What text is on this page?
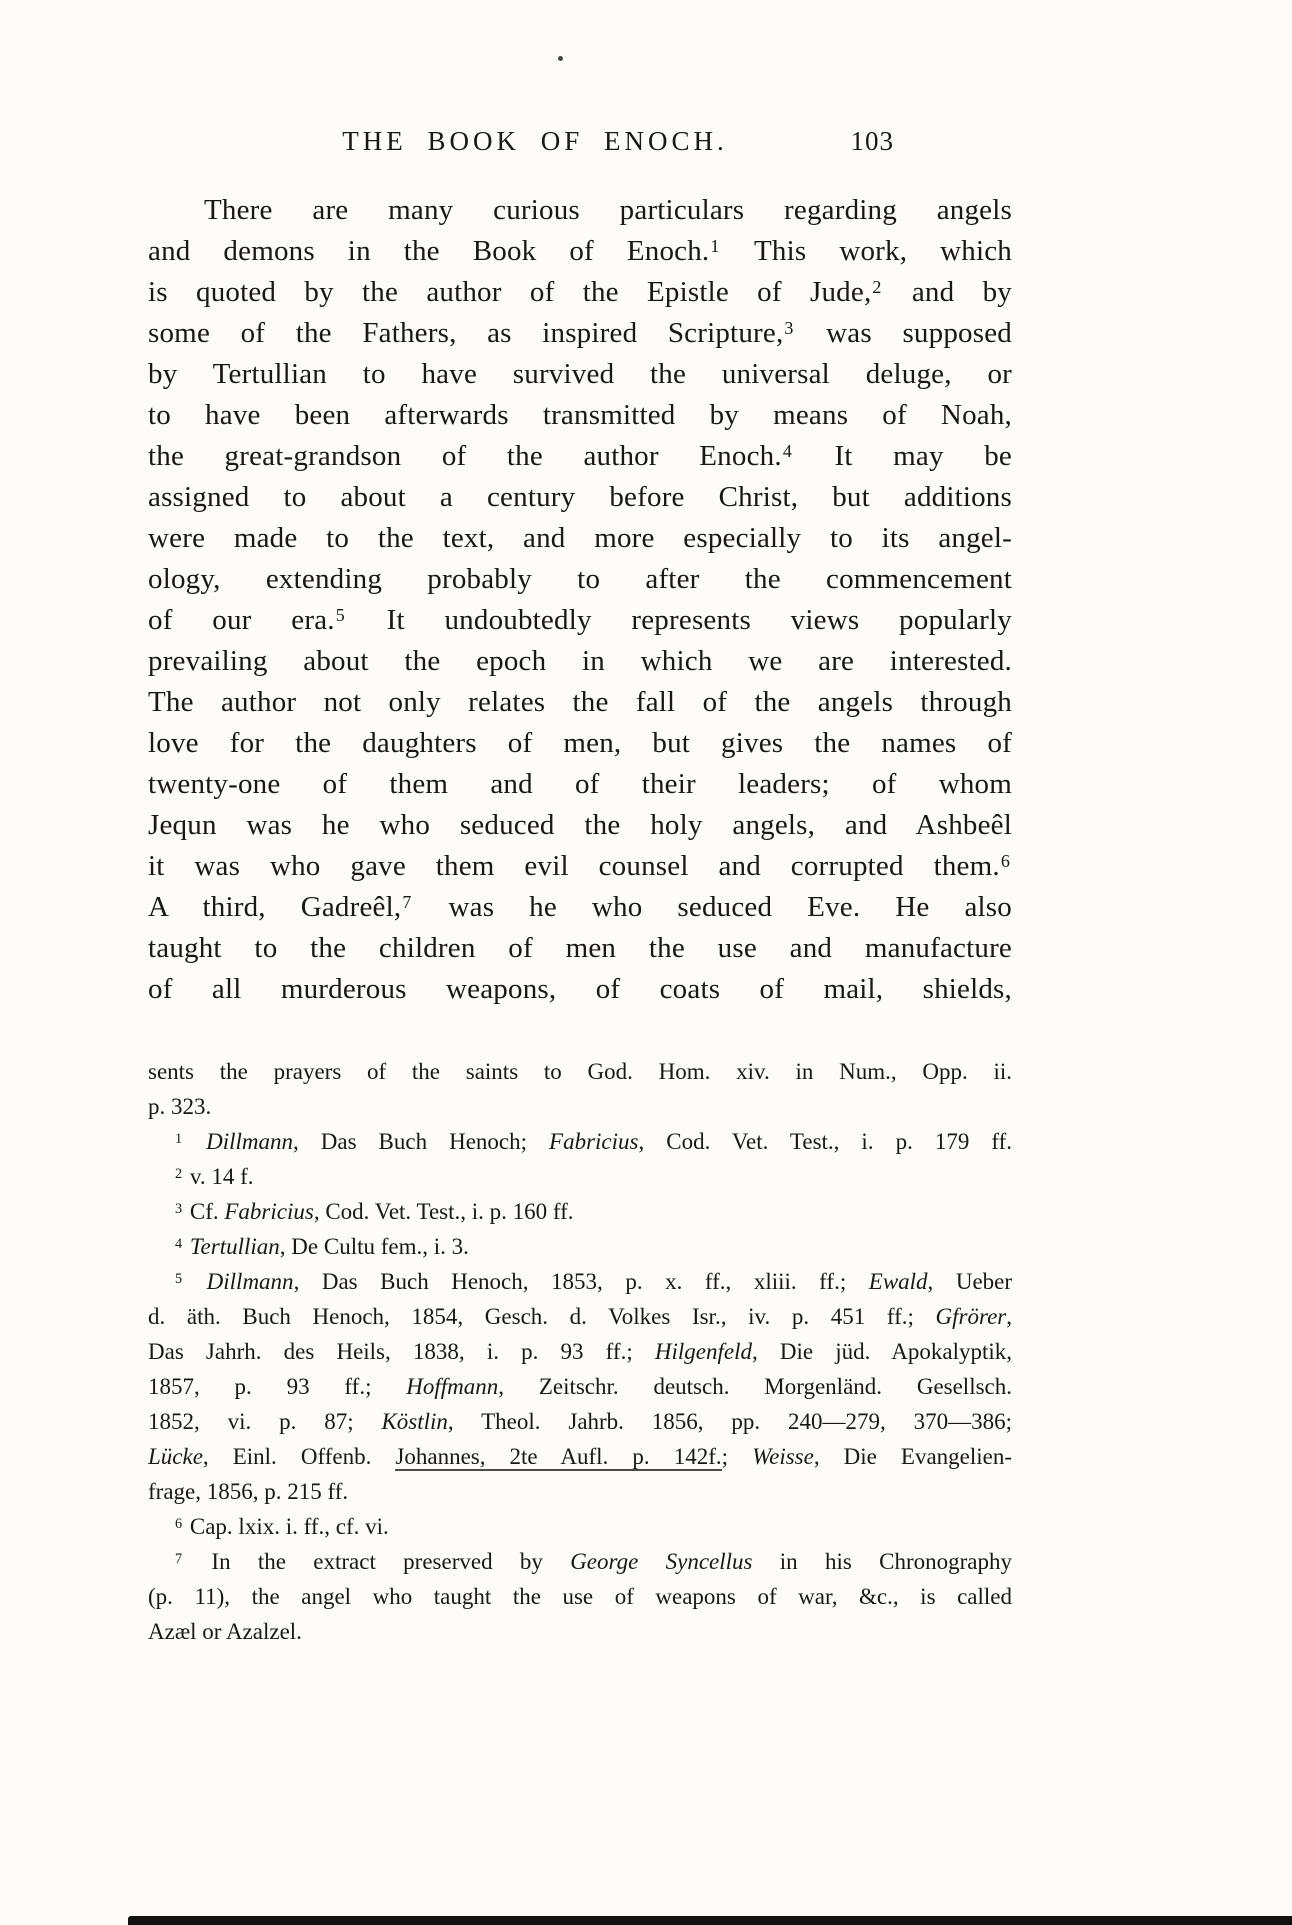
THE BOOK OF ENOCH.	103
There are many curious particulars regarding angels
and demons in the Book of Enoch.$^1$ This work, which
is quoted by the author of the Epistle of Jude,$^2$ and by
some of the Fathers, as inspired Scripture,$^3$ was supposed
by Tertullian to have survived the universal deluge, or
to have been afterwards transmitted by means of Noah,
the great-grandson of the author Enoch.$^4$ It may be
assigned to about a century before Christ, but additions
were made to the text, and more especially to its angel-
ology, extending probably to after the commencement
of our era.$^5$ It undoubtedly represents views popularly
prevailing about the epoch in which we are interested.
The author not only relates the fall of the angels through
love for the daughters of men, but gives the names of
twenty-one of them and of their leaders; of whom
Jequn was he who seduced the holy angels, and Ashbeêl
it was who gave them evil counsel and corrupted them.$^6$
A third, Gadreêl,$^7$ was he who seduced Eve. He also
taught to the children of men the use and manufacture
of all murderous weapons, of coats of mail, shields,
sents the prayers of the saints to God. Hom. xiv. in Num., Opp. ii.
p. 323.
$^1$ Dillmann, Das Buch Henoch; Fabricius, Cod. Vet. Test., i. p. 179 ff.
$^2$ v. 14 f.
$^3$ Cf. Fabricius, Cod. Vet. Test., i. p. 160 ff.
$^4$ Tertullian, De Cultu fem., i. 3.
$^5$ Dillmann, Das Buch Henoch, 1853, p. x. ff., xliii. ff.; Ewald, Ueber
d. äth. Buch Henoch, 1854, Gesch. d. Volkes Isr., iv. p. 451 ff.; Gfrörer,
Das Jahrh. des Heils, 1838, i. p. 93 ff.; Hilgenfeld, Die jüd. Apokalyptik,
1857, p. 93 ff.; Hoffmann, Zeitschr. deutsch. Morgenländ. Gesellsch.
1852, vi. p. 87; Köstlin, Theol. Jahrb. 1856, pp. 240—279, 370—386;
Lücke, Einl. Offenb. Johannes, 2te Aufl. p. 142f.; Weisse, Die Evangelien-
frage, 1856, p. 215 ff.
$^6$ Cap. lxix. i. ff., cf. vi.
$^7$ In the extract preserved by George Syncellus in his Chronography
(p. 11), the angel who taught the use of weapons of war, &c., is called
Azæl or Azalzel.
